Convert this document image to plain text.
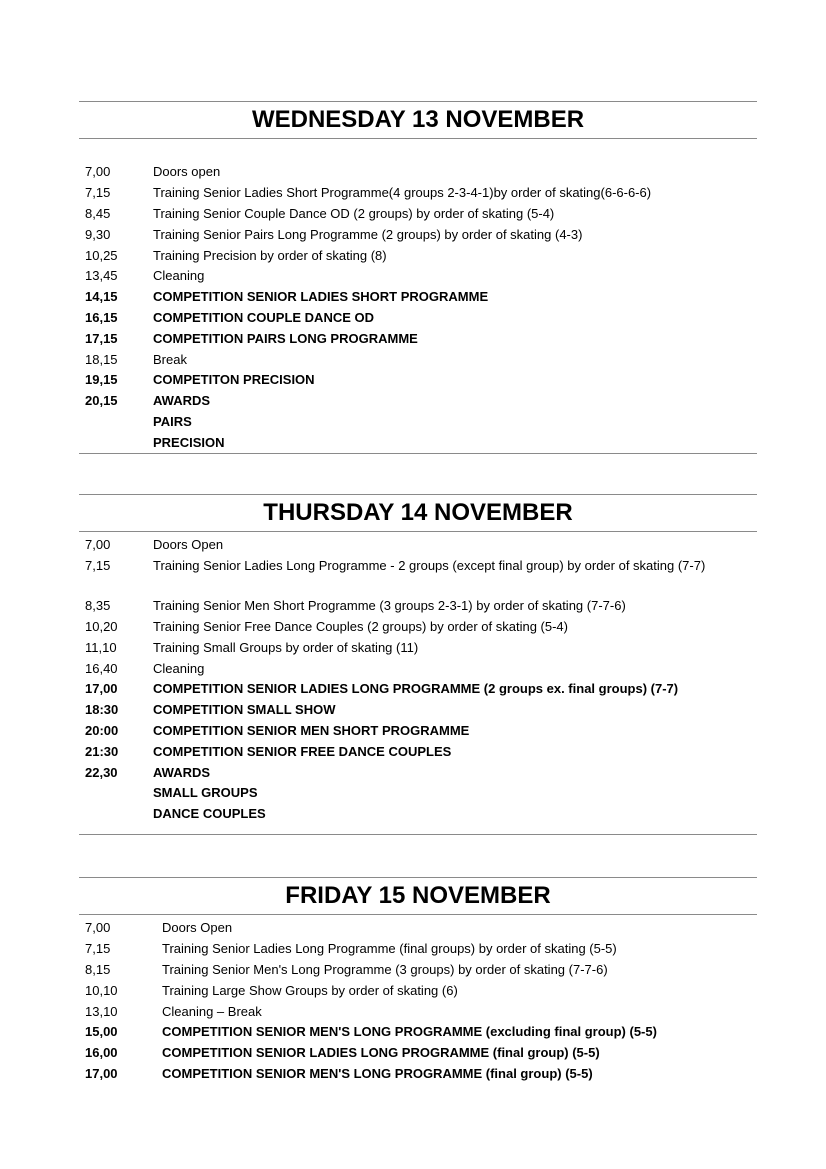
WEDNESDAY 13 NOVEMBER
7,00	Doors open
7,15	Training Senior Ladies Short Programme(4 groups 2-3-4-1)by order of skating(6-6-6-6)
8,45	Training Senior Couple Dance OD (2 groups) by order of skating (5-4)
9,30	Training Senior Pairs Long Programme (2 groups) by order of skating (4-3)
10,25	Training Precision by order of skating (8)
13,45	Cleaning
14,15	COMPETITION SENIOR LADIES SHORT PROGRAMME
16,15	COMPETITION COUPLE DANCE OD
17,15	COMPETITION PAIRS LONG PROGRAMME
18,15	Break
19,15	COMPETITON PRECISION
20,15	AWARDS
PAIRS
PRECISION
THURSDAY 14 NOVEMBER
7,00	Doors Open
7,15	Training Senior Ladies Long Programme - 2 groups (except final group) by order of skating (7-7)
8,35	Training Senior Men Short Programme (3 groups 2-3-1) by order of skating (7-7-6)
10,20	Training Senior Free Dance Couples (2 groups) by order of skating (5-4)
11,10	Training Small Groups by order of skating (11)
16,40	Cleaning
17,00	COMPETITION SENIOR LADIES LONG PROGRAMME (2 groups ex. final groups) (7-7)
18:30	COMPETITION SMALL SHOW
20:00	COMPETITION SENIOR MEN SHORT PROGRAMME
21:30	COMPETITION SENIOR FREE DANCE COUPLES
22,30	AWARDS
SMALL GROUPS
DANCE COUPLES
FRIDAY 15 NOVEMBER
7,00	Doors Open
7,15	Training Senior Ladies Long Programme (final groups) by order of skating (5-5)
8,15	Training Senior Men's Long Programme (3 groups) by order of skating (7-7-6)
10,10	Training Large Show Groups by order of skating (6)
13,10	Cleaning – Break
15,00	COMPETITION SENIOR MEN'S LONG PROGRAMME (excluding final group) (5-5)
16,00	COMPETITION SENIOR LADIES LONG PROGRAMME (final group) (5-5)
17,00	COMPETITION SENIOR MEN'S LONG PROGRAMME (final group) (5-5)
